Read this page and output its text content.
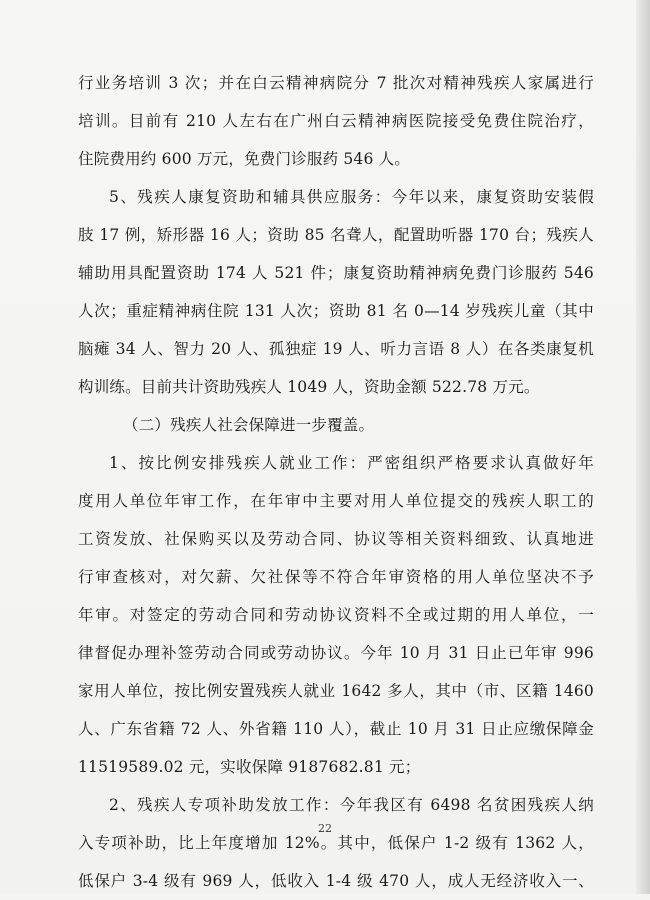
行业务培训 3 次；并在白云精神病院分 7 批次对精神残疾人家属进行
培训。目前有 210 人左右在广州白云精神病医院接受免费住院治疗，
住院费用约 600 万元，免费门诊服药 546 人。
5、残疾人康复资助和辅具供应服务：今年以来，康复资助安装假
肢 17 例，矫形器 16 人；资助 85 名聋人，配置助听器 170 台；残疾人
辅助用具配置资助 174 人 521 件；康复资助精神病免费门诊服药 546
人次；重症精神病住院 131 人次；资助 81 名 0—14 岁残疾儿童（其中
脑瘫 34 人、智力 20 人、孤独症 19 人、听力言语 8 人）在各类康复机
构训练。目前共计资助残疾人 1049 人，资助金额 522.78 万元。
（二）残疾人社会保障进一步覆盖。
1、按比例安排残疾人就业工作：严密组织严格要求认真做好年
度用人单位年审工作，在年审中主要对用人单位提交的残疾人职工的
工资发放、社保购买以及劳动合同、协议等相关资料细致、认真地进
行审查核对，对欠薪、欠社保等不符合年审资格的用人单位坚决不予
年审。对签定的劳动合同和劳动协议资料不全或过期的用人单位，一
律督促办理补签劳动合同或劳动协议。今年 10 月 31 日止已年审 996
家用人单位，按比例安置残疾人就业 1642 多人，其中（市、区籍 1460
人、广东省籍 72 人、外省籍 110 人），截止 10 月 31 日止应缴保障金
11519589.02 元，实收保障 9187682.81 元；
2、残疾人专项补助发放工作：今年我区有 6498 名贫困残疾人纳
入专项补助，比上年度增加 12%。其中，低保户 1-2 级有 1362 人，
低保户 3-4 级有 969 人，低收入 1-4 级 470 人，成人无经济收入一、
22
